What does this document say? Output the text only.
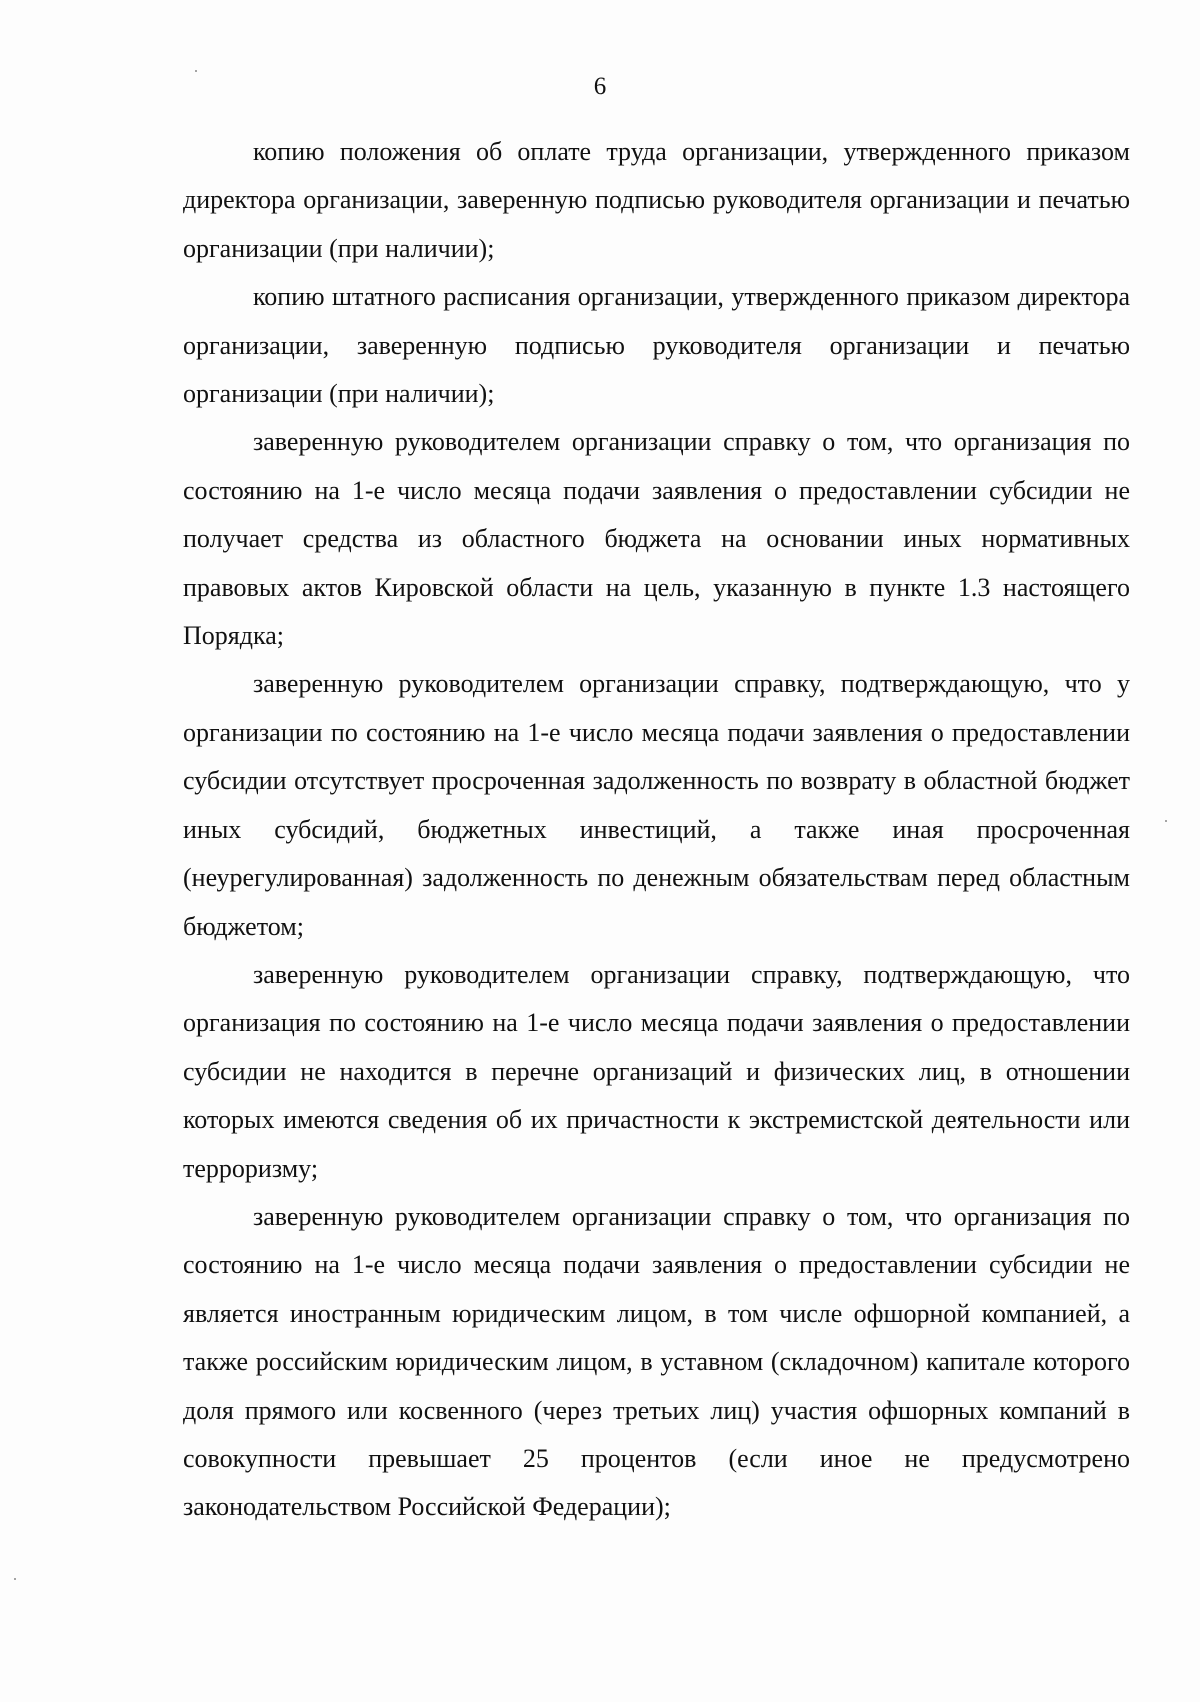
6

копию положения об оплате труда организации, утвержденного приказом директора организации, заверенную подписью руководителя организации и печатью организации (при наличии);

копию штатного расписания организации, утвержденного приказом директора организации, заверенную подписью руководителя организации и печатью организации (при наличии);

заверенную руководителем организации справку о том, что организация по состоянию на 1-е число месяца подачи заявления о предоставлении субсидии не получает средства из областного бюджета на основании иных нормативных правовых актов Кировской области на цель, указанную в пункте 1.3 настоящего Порядка;

заверенную руководителем организации справку, подтверждающую, что у организации по состоянию на 1-е число месяца подачи заявления о предоставлении субсидии отсутствует просроченная задолженность по возврату в областной бюджет иных субсидий, бюджетных инвестиций, а также иная просроченная (неурегулированная) задолженность по денежным обязательствам перед областным бюджетом;

заверенную руководителем организации справку, подтверждающую, что организация по состоянию на 1-е число месяца подачи заявления о предоставлении субсидии не находится в перечне организаций и физических лиц, в отношении которых имеются сведения об их причастности к экстремистской деятельности или терроризму;

заверенную руководителем организации справку о том, что организация по состоянию на 1-е число месяца подачи заявления о предоставлении субсидии не является иностранным юридическим лицом, в том числе офшорной компанией, а также российским юридическим лицом, в уставном (складочном) капитале которого доля прямого или косвенного (через третьих лиц) участия офшорных компаний в совокупности превышает 25 процентов (если иное не предусмотрено законодательством Российской Федерации);
